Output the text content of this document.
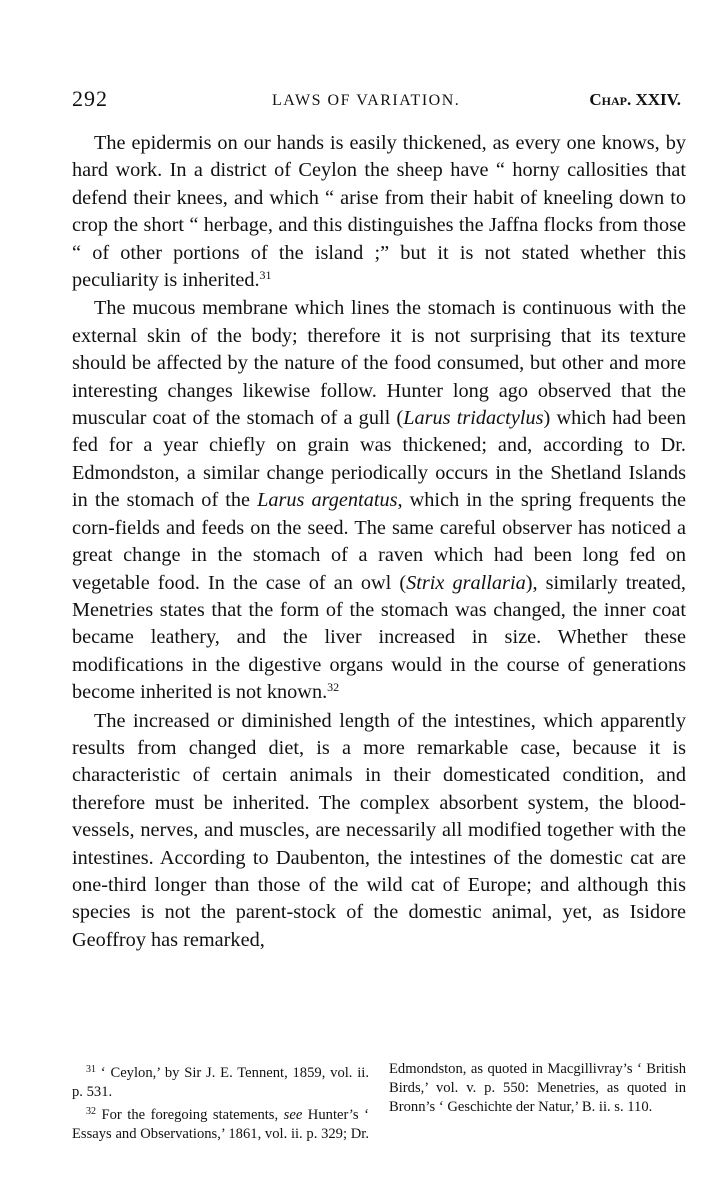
292	LAWS OF VARIATION.	Chap. XXIV.

The epidermis on our hands is easily thickened, as every one knows, by hard work. In a district of Ceylon the sheep have “ horny callosities that defend their knees, and which “ arise from their habit of kneeling down to crop the short “ herbage, and this distinguishes the Jaffna flocks from those “ of other portions of the island ;” but it is not stated whether this peculiarity is inherited.$^{31}$

The mucous membrane which lines the stomach is continuous with the external skin of the body; therefore it is not surprising that its texture should be affected by the nature of the food consumed, but other and more interesting changes likewise follow. Hunter long ago observed that the muscular coat of the stomach of a gull (Larus tridactylus) which had been fed for a year chiefly on grain was thickened; and, according to Dr. Edmondston, a similar change periodically occurs in the Shetland Islands in the stomach of the Larus argentatus, which in the spring frequents the corn-fields and feeds on the seed. The same careful observer has noticed a great change in the stomach of a raven which had been long fed on vegetable food. In the case of an owl (Strix grallaria), similarly treated, Menetries states that the form of the stomach was changed, the inner coat became leathery, and the liver increased in size. Whether these modifications in the digestive organs would in the course of generations become inherited is not known.$^{32}$

The increased or diminished length of the intestines, which apparently results from changed diet, is a more remarkable case, because it is characteristic of certain animals in their domesticated condition, and therefore must be inherited. The complex absorbent system, the blood-vessels, nerves, and muscles, are necessarily all modified together with the intestines. According to Daubenton, the intestines of the domestic cat are one-third longer than those of the wild cat of Europe; and although this species is not the parent-stock of the domestic animal, yet, as Isidore Geoffroy has remarked,

$^{31}$ ‘ Ceylon,’ by Sir J. E. Tennent, 1859, vol. ii. p. 531.

$^{32}$ For the foregoing statements, see Hunter’s ‘ Essays and Observations,’ 1861, vol. ii. p. 329; Dr. Edmondston, as quoted in Macgillivray’s ‘ British Birds,’ vol. v. p. 550: Menetries, as quoted in Bronn’s ‘ Geschichte der Natur,’ B. ii. s. 110.
